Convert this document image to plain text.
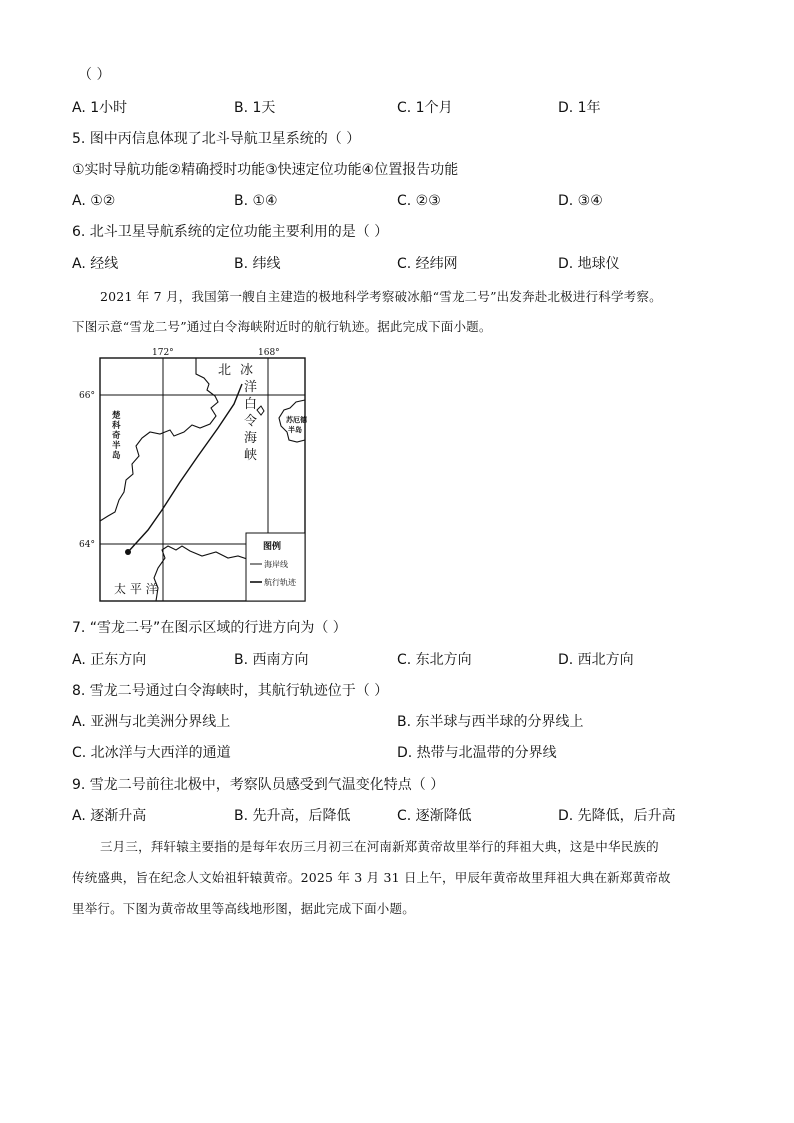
（ ）
A. 1小时	B. 1天	C. 1个月	D. 1年
5. 图中丙信息体现了北斗导航卫星系统的（ ）
①实时导航功能②精确授时功能③快速定位功能④位置报告功能
A. ①②	B. ①④	C. ②③	D. ③④
6. 北斗卫星导航系统的定位功能主要利用的是（ ）
A. 经线	B. 纬线	C. 经纬网	D. 地球仪
2021 年 7 月，我国第一艘自主建造的极地科学考察破冰船“雪龙二号”出发奔赴北极进行科学考察。
下图示意“雪龙二号”通过白令海峡附近时的航行轨迹。据此完成下面小题。
172°	168°
66°
64°
北 冰
洋
白
令
海
峡
楚
科
奇
半
岛
苏厄德
半岛
太 平 洋
图例
海岸线
航行轨迹
7. “雪龙二号”在图示区域的行进方向为（ ）
A. 正东方向	B. 西南方向	C. 东北方向	D. 西北方向
8. 雪龙二号通过白令海峡时，其航行轨迹位于（ ）
A. 亚洲与北美洲分界线上	B. 东半球与西半球的分界线上
C. 北冰洋与大西洋的通道	D. 热带与北温带的分界线
9. 雪龙二号前往北极中，考察队员感受到气温变化特点（ ）
A. 逐渐升高	B. 先升高，后降低	C. 逐渐降低	D. 先降低，后升高
三月三，拜轩辕主要指的是每年农历三月初三在河南新郑黄帝故里举行的拜祖大典，这是中华民族的
传统盛典，旨在纪念人文始祖轩辕黄帝。2025 年 3 月 31 日上午，甲辰年黄帝故里拜祖大典在新郑黄帝故
里举行。下图为黄帝故里等高线地形图，据此完成下面小题。
